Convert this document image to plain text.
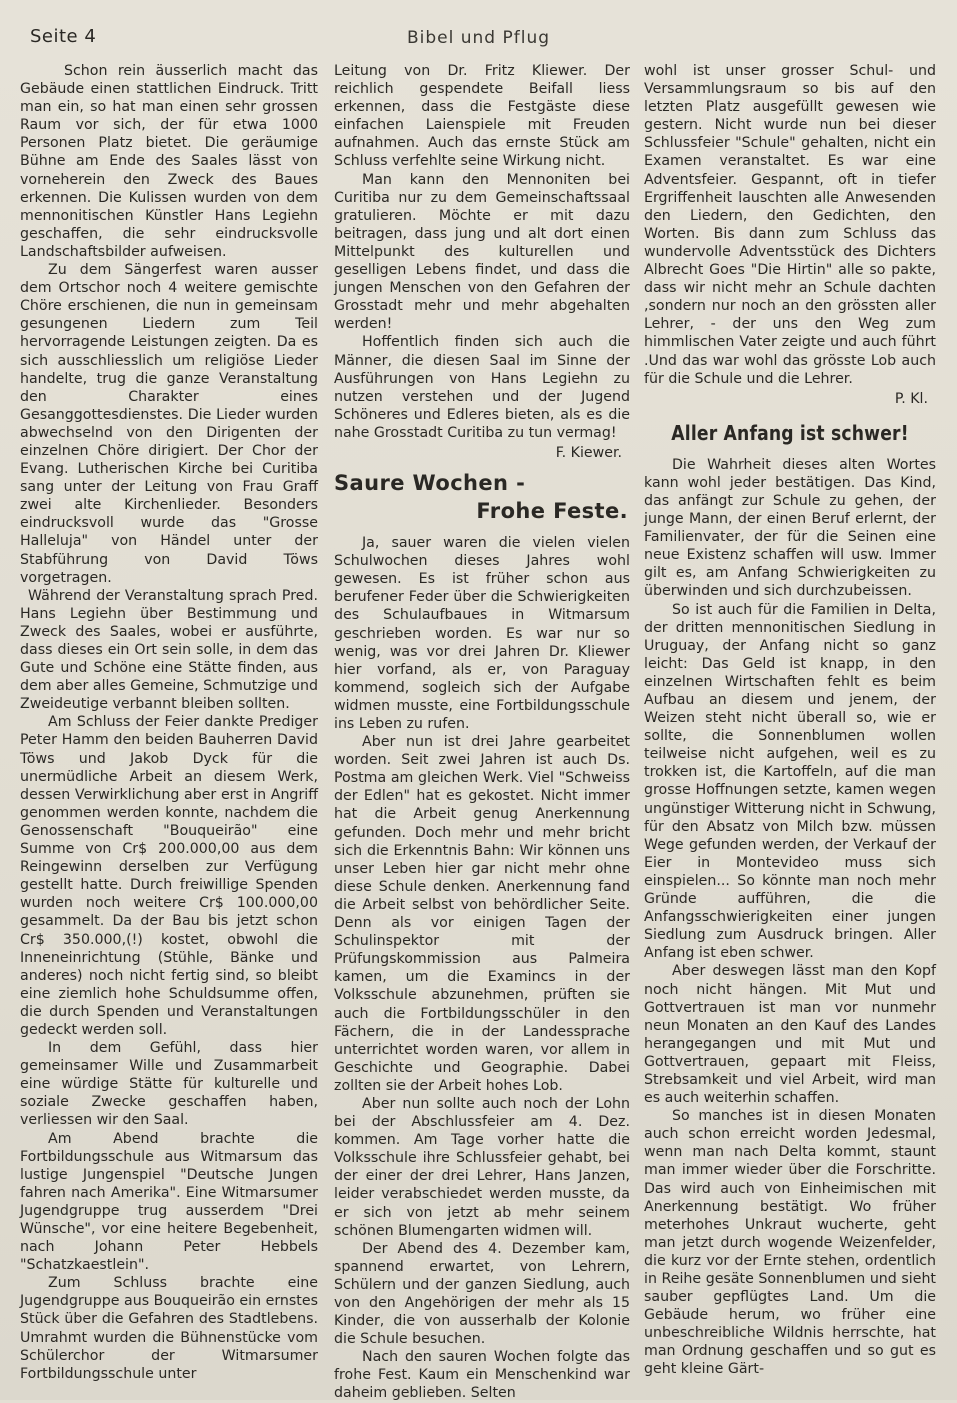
Seite 4	Bibel und Pflug

Schon rein äusserlich macht das Gebäude einen stattlichen Eindruck. Tritt man ein, so hat man einen sehr grossen Raum vor sich, der für etwa 1000 Personen Platz bietet. Die geräumige Bühne am Ende des Saales lässt von vorneherein den Zweck des Baues erkennen. Die Kulissen wurden von dem mennonitischen Künstler Hans Legiehn geschaffen, die sehr eindrucksvolle Landschaftsbilder aufweisen.

Zu dem Sängerfest waren ausser dem Ortschor noch 4 weitere gemischte Chöre erschienen, die nun in gemeinsam gesungenen Liedern zum Teil hervorragende Leistungen zeigten. Da es sich ausschliesslich um religiöse Lieder handelte, trug die ganze Veranstaltung den Charakter eines Gesanggottesdienstes. Die Lieder wurden abwechselnd von den Dirigenten der einzelnen Chöre dirigiert. Der Chor der Evang. Lutherischen Kirche bei Curitiba sang unter der Leitung von Frau Graff zwei alte Kirchenlieder. Besonders eindrucksvoll wurde das "Grosse Halleluja" von Händel unter der Stabführung von David Töws vorgetragen.

Während der Veranstaltung sprach Pred. Hans Legiehn über Bestimmung und Zweck des Saales, wobei er ausführte, dass dieses ein Ort sein solle, in dem das Gute und Schöne eine Stätte finden, aus dem aber alles Gemeine, Schmutzige und Zweideutige verbannt bleiben sollten.

Am Schluss der Feier dankte Prediger Peter Hamm den beiden Bauherren David Töws und Jakob Dyck für die unermüdliche Arbeit an diesem Werk, dessen Verwirklichung aber erst in Angriff genommen werden konnte, nachdem die Genossenschaft "Bouqueirão" eine Summe von Cr$ 200.000,00 aus dem Reingewinn derselben zur Verfügung gestellt hatte. Durch freiwillige Spenden wurden noch weitere Cr$ 100.000,00 gesammelt. Da der Bau bis jetzt schon Cr$ 350.000,(!) kostet, obwohl die Inneneinrichtung (Stühle, Bänke und anderes) noch nicht fertig sind, so bleibt eine ziemlich hohe Schuldsumme offen, die durch Spenden und Veranstaltungen gedeckt werden soll.

In dem Gefühl, dass hier gemeinsamer Wille und Zusammarbeit eine würdige Stätte für kulturelle und soziale Zwecke geschaffen haben, verliessen wir den Saal.

Am Abend brachte die Fortbildungsschule aus Witmarsum das lustige Jungenspiel "Deutsche Jungen fahren nach Amerika". Eine Witmarsumer Jugendgruppe trug ausserdem "Drei Wünsche", vor eine heitere Begebenheit, nach Johann Peter Hebbels "Schatzkaestlein".

Zum Schluss brachte eine Jugendgruppe aus Bouqueirão ein ernstes Stück über die Gefahren des Stadtlebens. Umrahmt wurden die Bühnenstücke vom Schülerchor der Witmarsumer Fortbildungsschule unter

Leitung von Dr. Fritz Kliewer. Der reichlich gespendete Beifall liess erkennen, dass die Festgäste diese einfachen Laienspiele mit Freuden aufnahmen. Auch das ernste Stück am Schluss verfehlte seine Wirkung nicht.

Man kann den Mennoniten bei Curitiba nur zu dem Gemeinschaftssaal gratulieren. Möchte er mit dazu beitragen, dass jung und alt dort einen Mittelpunkt des kulturellen und geselligen Lebens findet, und dass die jungen Menschen von den Gefahren der Grosstadt mehr und mehr abgehalten werden!

Hoffentlich finden sich auch die Männer, die diesen Saal im Sinne der Ausführungen von Hans Legiehn zu nutzen verstehen und der Jugend Schöneres und Edleres bieten, als es die nahe Grosstadt Curitiba zu tun vermag!

F. Kiewer.

Saure Wochen -
Frohe Feste.

Ja, sauer waren die vielen vielen Schulwochen dieses Jahres wohl gewesen. Es ist früher schon aus berufener Feder über die Schwierigkeiten des Schulaufbaues in Witmarsum geschrieben worden. Es war nur so wenig, was vor drei Jahren Dr. Kliewer hier vorfand, als er, von Paraguay kommend, sogleich sich der Aufgabe widmen musste, eine Fortbildungsschule ins Leben zu rufen.

Aber nun ist drei Jahre gearbeitet worden. Seit zwei Jahren ist auch Ds. Postma am gleichen Werk. Viel "Schweiss der Edlen" hat es gekostet. Nicht immer hat die Arbeit genug Anerkennung gefunden. Doch mehr und mehr bricht sich die Erkenntnis Bahn: Wir können uns unser Leben hier gar nicht mehr ohne diese Schule denken. Anerkennung fand die Arbeit selbst von behördlicher Seite. Denn als vor einigen Tagen der Schulinspektor mit der Prüfungskommission aus Palmeira kamen, um die Examincs in der Volksschule abzunehmen, prüften sie auch die Fortbildungsschüler in den Fächern, die in der Landessprache unterrichtet worden waren, vor allem in Geschichte und Geographie. Dabei zollten sie der Arbeit hohes Lob.

Aber nun sollte auch noch der Lohn bei der Abschlussfeier am 4. Dez. kommen. Am Tage vorher hatte die Volksschule ihre Schlussfeier gehabt, bei der einer der drei Lehrer, Hans Janzen, leider verabschiedet werden musste, da er sich von jetzt ab mehr seinem schönen Blumengarten widmen will.

Der Abend des 4. Dezember kam, spannend erwartet, von Lehrern, Schülern und der ganzen Siedlung, auch von den Angehörigen der mehr als 15 Kinder, die von ausserhalb der Kolonie die Schule besuchen.

Nach den sauren Wochen folgte das frohe Fest. Kaum ein Menschenkind war daheim geblieben. Selten

wohl ist unser grosser Schul- und Versammlungsraum so bis auf den letzten Platz ausgefüllt gewesen wie gestern. Nicht wurde nun bei dieser Schlussfeier "Schule" gehalten, nicht ein Examen veranstaltet. Es war eine Adventsfeier. Gespannt, oft in tiefer Ergriffenheit lauschten alle Anwesenden den Liedern, den Gedichten, den Worten. Bis dann zum Schluss das wundervolle Adventsstück des Dichters Albrecht Goes "Die Hirtin" alle so pakte, dass wir nicht mehr an Schule dachten ,sondern nur noch an den grössten aller Lehrer, - der uns den Weg zum himmlischen Vater zeigte und auch führt .Und das war wohl das grösste Lob auch für die Schule und die Lehrer.

P. Kl.

Aller Anfang ist schwer!

Die Wahrheit dieses alten Wortes kann wohl jeder bestätigen. Das Kind, das anfängt zur Schule zu gehen, der junge Mann, der einen Beruf erlernt, der Familienvater, der für die Seinen eine neue Existenz schaffen will usw. Immer gilt es, am Anfang Schwierigkeiten zu überwinden und sich durchzubeissen.

So ist auch für die Familien in Delta, der dritten mennonitischen Siedlung in Uruguay, der Anfang nicht so ganz leicht: Das Geld ist knapp, in den einzelnen Wirtschaften fehlt es beim Aufbau an diesem und jenem, der Weizen steht nicht überall so, wie er sollte, die Sonnenblumen wollen teilweise nicht aufgehen, weil es zu trokken ist, die Kartoffeln, auf die man grosse Hoffnungen setzte, kamen wegen ungünstiger Witterung nicht in Schwung, für den Absatz von Milch bzw. müssen Wege gefunden werden, der Verkauf der Eier in Montevideo muss sich einspielen... So könnte man noch mehr Gründe aufführen, die die Anfangsschwierigkeiten einer jungen Siedlung zum Ausdruck bringen. Aller Anfang ist eben schwer.

Aber deswegen lässt man den Kopf noch nicht hängen. Mit Mut und Gottvertrauen ist man vor nunmehr neun Monaten an den Kauf des Landes herangegangen und mit Mut und Gottvertrauen, gepaart mit Fleiss, Strebsamkeit und viel Arbeit, wird man es auch weiterhin schaffen.

So manches ist in diesen Monaten auch schon erreicht worden Jedesmal, wenn man nach Delta kommt, staunt man immer wieder über die Forschritte. Das wird auch von Einheimischen mit Anerkennung bestätigt. Wo früher meterhohes Unkraut wucherte, geht man jetzt durch wogende Weizenfelder, die kurz vor der Ernte stehen, ordentlich in Reihe gesäte Sonnenblumen und sieht sauber gepflügtes Land. Um die Gebäude herum, wo früher eine unbeschreibliche Wildnis herrschte, hat man Ordnung geschaffen und so gut es geht kleine Gärt-
